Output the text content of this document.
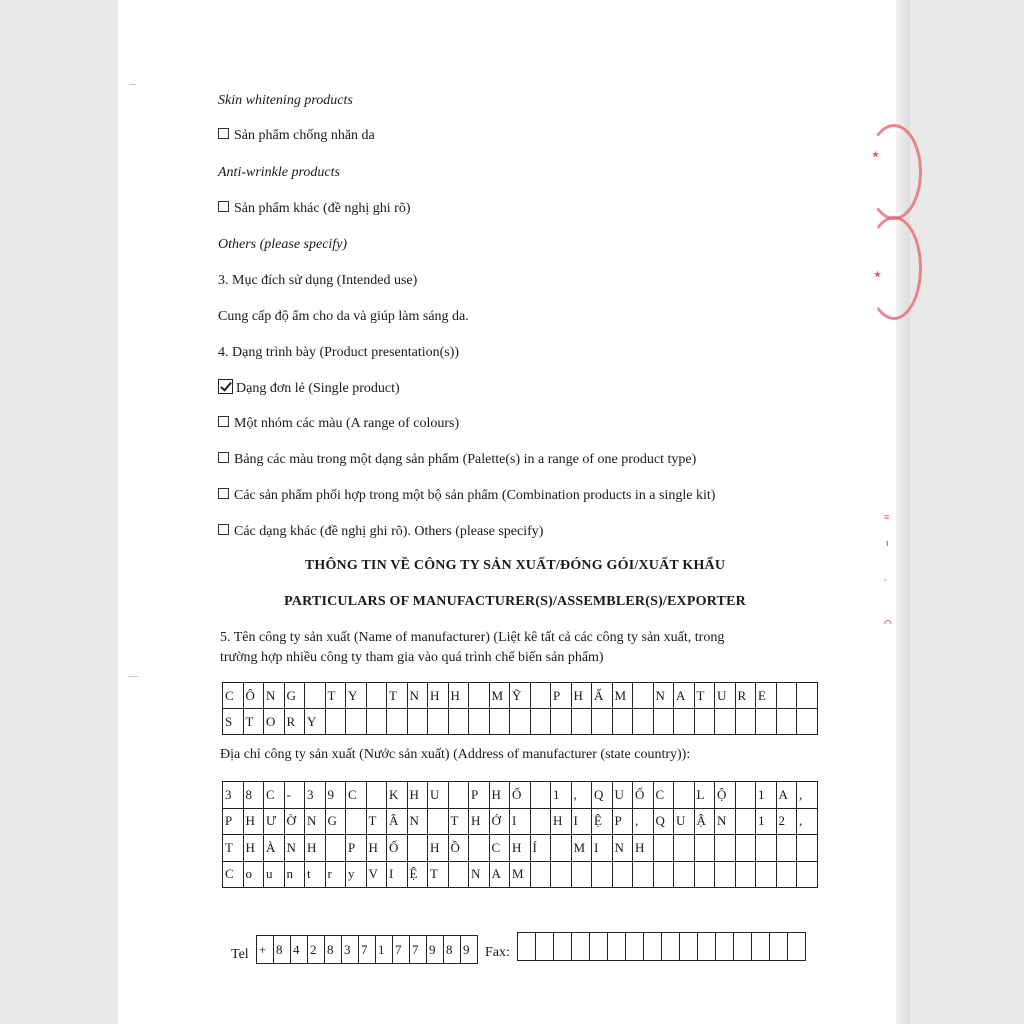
Skin whitening products
Sản phẩm chống nhăn da
Anti-wrinkle products
Sản phẩm khác (đề nghị ghi rõ)
Others (please specify)
3. Mục đích sử dụng (Intended use)
Cung cấp độ ẩm cho da và giúp làm sáng da.
4. Dạng trình bày (Product presentation(s))
Dạng đơn lẻ (Single product)
Một nhóm các màu (A range of colours)
Bảng các màu trong một dạng sản phẩm (Palette(s) in a range of one product type)
Các sản phẩm phối hợp trong một bộ sản phẩm (Combination products in a single kit)
Các dạng khác (đề nghị ghi rõ). Others (please specify)
THÔNG TIN VỀ CÔNG TY SẢN XUẤT/ĐÓNG GÓI/XUẤT KHẨU
PARTICULARS OF MANUFACTURER(S)/ASSEMBLER(S)/EXPORTER
5. Tên công ty sản xuất (Name of manufacturer) (Liệt kê tất cả các công ty sản xuất, trong
trường hợp nhiều công ty tham gia vào quá trình chế biến sản phẩm)
C Ô N G	T Y	T N H H	M Ỹ	P	H Ẩ M	N A T U R E
S	T O R Y
Địa chỉ công ty sản xuất (Nước sản xuất) (Address of manufacturer (state country)):
3	8	C -	3	9	C	K H U	P	H Ố	1	,	Q U Ố C	L Ộ	1	A ,
P	H Ư Ờ N G	T Â N	T H Ớ I	H I	Ệ P	,	Q U Ậ N	1	2	,
T H À N H	P	H Ố	H Ồ	C H Í	M I	N H
C o	u	n	t	r	y	V I	Ệ T	N A M
Tel + 8 4 2 8 3 7 1 7 7 9 8 9	Fax:
★
★
≡
ı
·
◠
